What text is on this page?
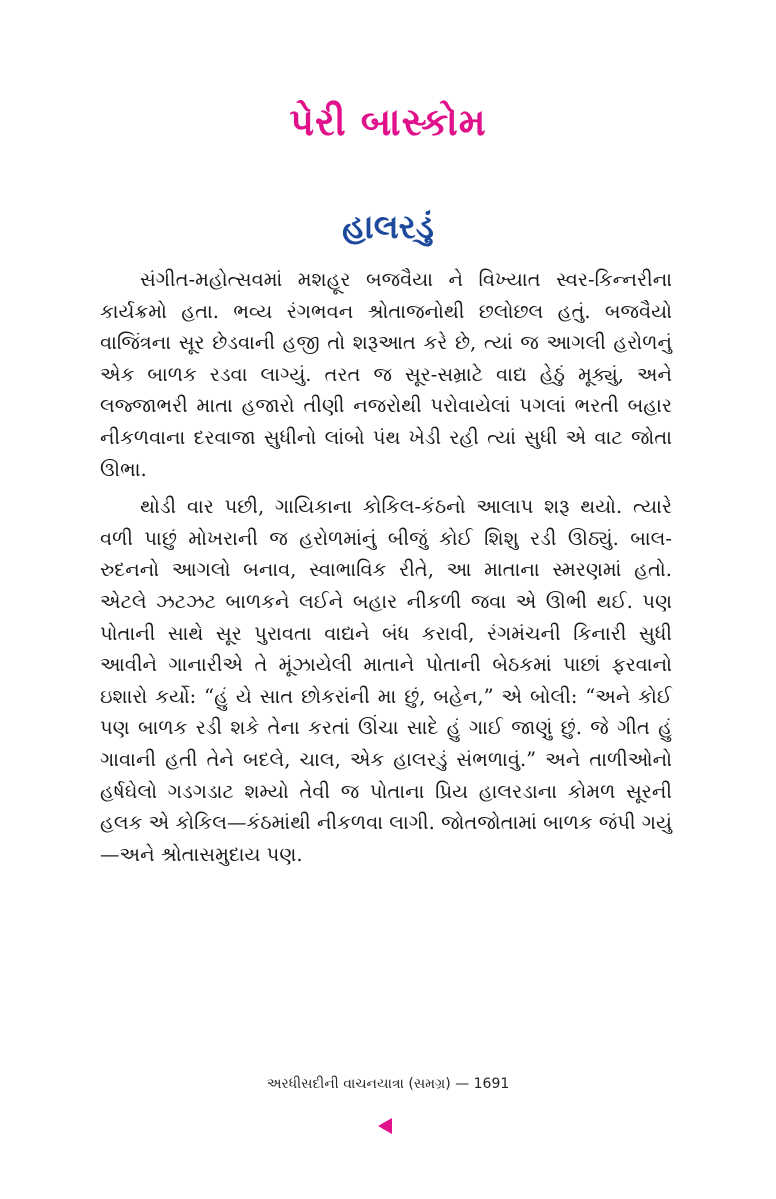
પેરી બાસ્કોમ
હાલરડું

સંગીત-મહોત્સવમાં મશહૂર બજવૈયા ને વિખ્યાત સ્વર-કિન્નરીના કાર્યક્રમો હતા. ભવ્ય રંગભવન શ્રોતાજનોથી છલોછલ હતું. બજવૈયો વાજિંત્રના સૂર છેડવાની હજી તો શરૂઆત કરે છે, ત્યાં જ આગલી હરોળનું એક બાળક રડવા લાગ્યું. તરત જ સૂર-સમ્રાટે વાદ્ય હેઠું મૂક્યું, અને લજ્જાભરી માતા હજારો તીણી નજરોથી પરોવાયેલાં પગલાં ભરતી બહાર નીકળવાના દરવાજા સુધીનો લાંબો પંથ ખેડી રહી ત્યાં સુધી એ વાટ જોતા ઊભા.

થોડી વાર પછી, ગાયિકાના કોકિલ-કંઠનો આલાપ શરૂ થયો. ત્યારે વળી પાછું મોખરાની જ હરોળમાંનું બીજું કોઈ શિશુ રડી ઊઠ્યું. બાલ-રુદનનો આગલો બનાવ, સ્વાભાવિક રીતે, આ માતાના સ્મરણમાં હતો. એટલે ઝટઝટ બાળકને લઈને બહાર નીકળી જવા એ ઊભી થઈ. પણ પોતાની સાથે સૂર પુરાવતા વાદ્યને બંધ કરાવી, રંગમંચની કિનારી સુધી આવીને ગાનારીએ તે મૂંઝાયેલી માતાને પોતાની બેઠકમાં પાછાં ફરવાનો ઇશારો કર્યો: “હું યે સાત છોકરાંની મા છું, બહેન,” એ બોલી: “અને કોઈ પણ બાળક રડી શકે તેના કરતાં ઊંચા સાદે હું ગાઈ જાણું છું. જે ગીત હું ગાવાની હતી તેને બદલે, ચાલ, એક હાલરડું સંભળાવું.” અને તાળીઓનો હર્ષઘેલો ગડગડાટ શમ્યો તેવી જ પોતાના પ્રિય હાલરડાના કોમળ સૂરની હલક એ કોકિલ—કંઠમાંથી નીકળવા લાગી. જોતજોતામાં બાળક જંપી ગયું—અને શ્રોતાસમુદાય પણ.

અરધીસદીની વાચનયાત્રા (સમગ્ર) — 1691
